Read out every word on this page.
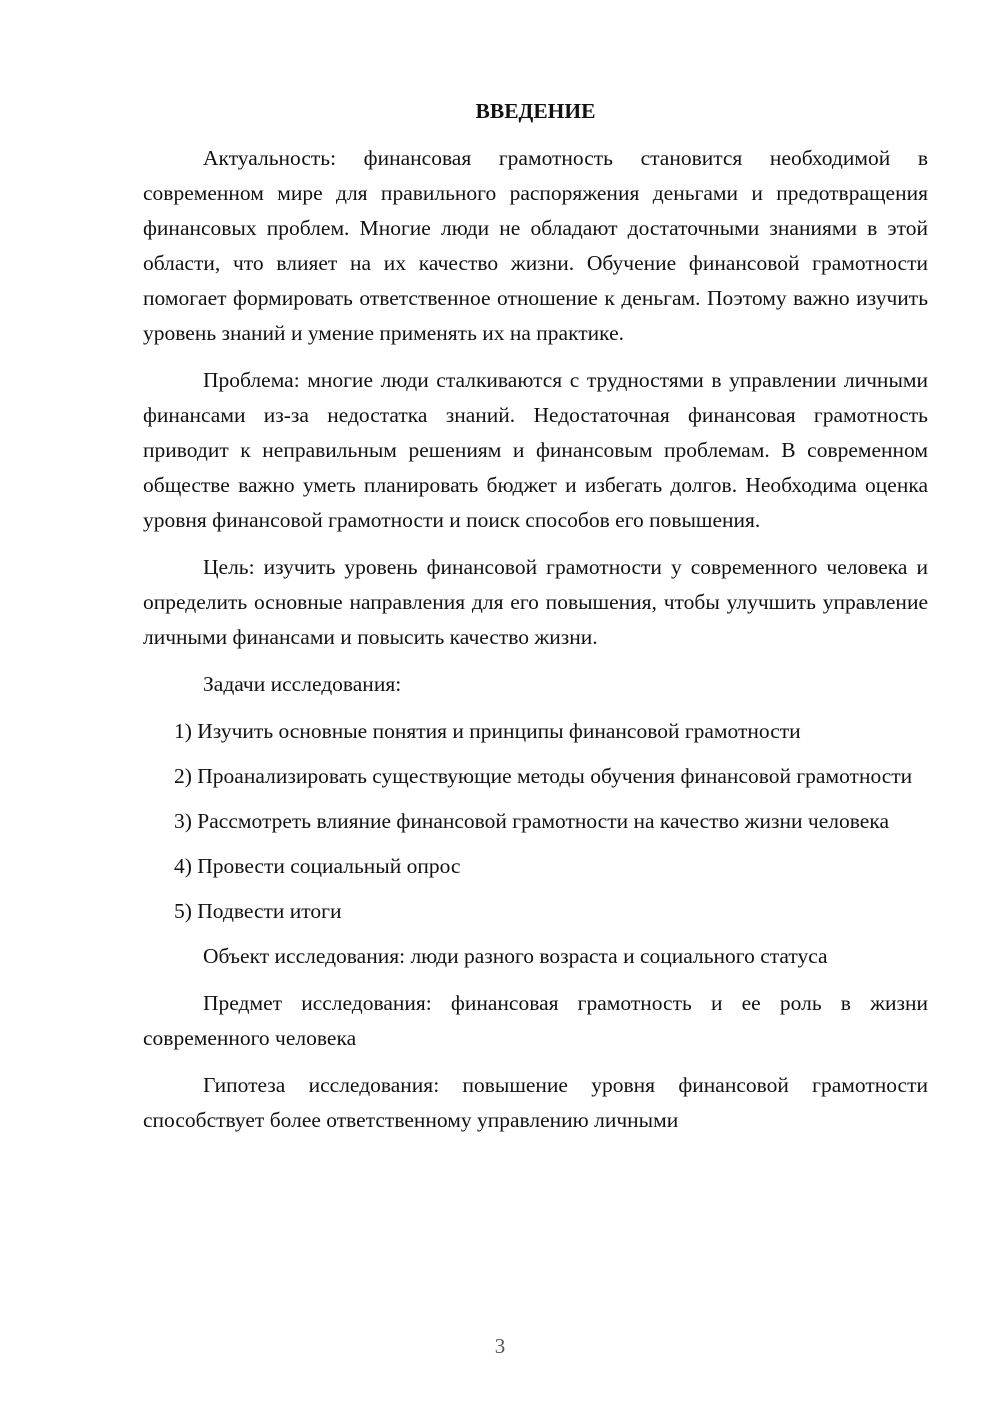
ВВЕДЕНИЕ

Актуальность: финансовая грамотность становится необходимой в современном мире для правильного распоряжения деньгами и предотвращения финансовых проблем. Многие люди не обладают достаточными знаниями в этой области, что влияет на их качество жизни. Обучение финансовой грамотности помогает формировать ответственное отношение к деньгам. Поэтому важно изучить уровень знаний и умение применять их на практике.

Проблема: многие люди сталкиваются с трудностями в управлении личными финансами из-за недостатка знаний. Недостаточная финансовая грамотность приводит к неправильным решениям и финансовым проблемам. В современном обществе важно уметь планировать бюджет и избегать долгов. Необходима оценка уровня финансовой грамотности и поиск способов его повышения.

Цель: изучить уровень финансовой грамотности у современного человека и определить основные направления для его повышения, чтобы улучшить управление личными финансами и повысить качество жизни.

Задачи исследования:

1) Изучить основные понятия и принципы финансовой грамотности

2) Проанализировать существующие методы обучения финансовой грамотности

3) Рассмотреть влияние финансовой грамотности на качество жизни человека

4) Провести социальный опрос

5) Подвести итоги

Объект исследования: люди разного возраста и социального статуса

Предмет исследования: финансовая грамотность и ее роль в жизни современного человека

Гипотеза исследования: повышение уровня финансовой грамотности способствует более ответственному управлению личными

3
